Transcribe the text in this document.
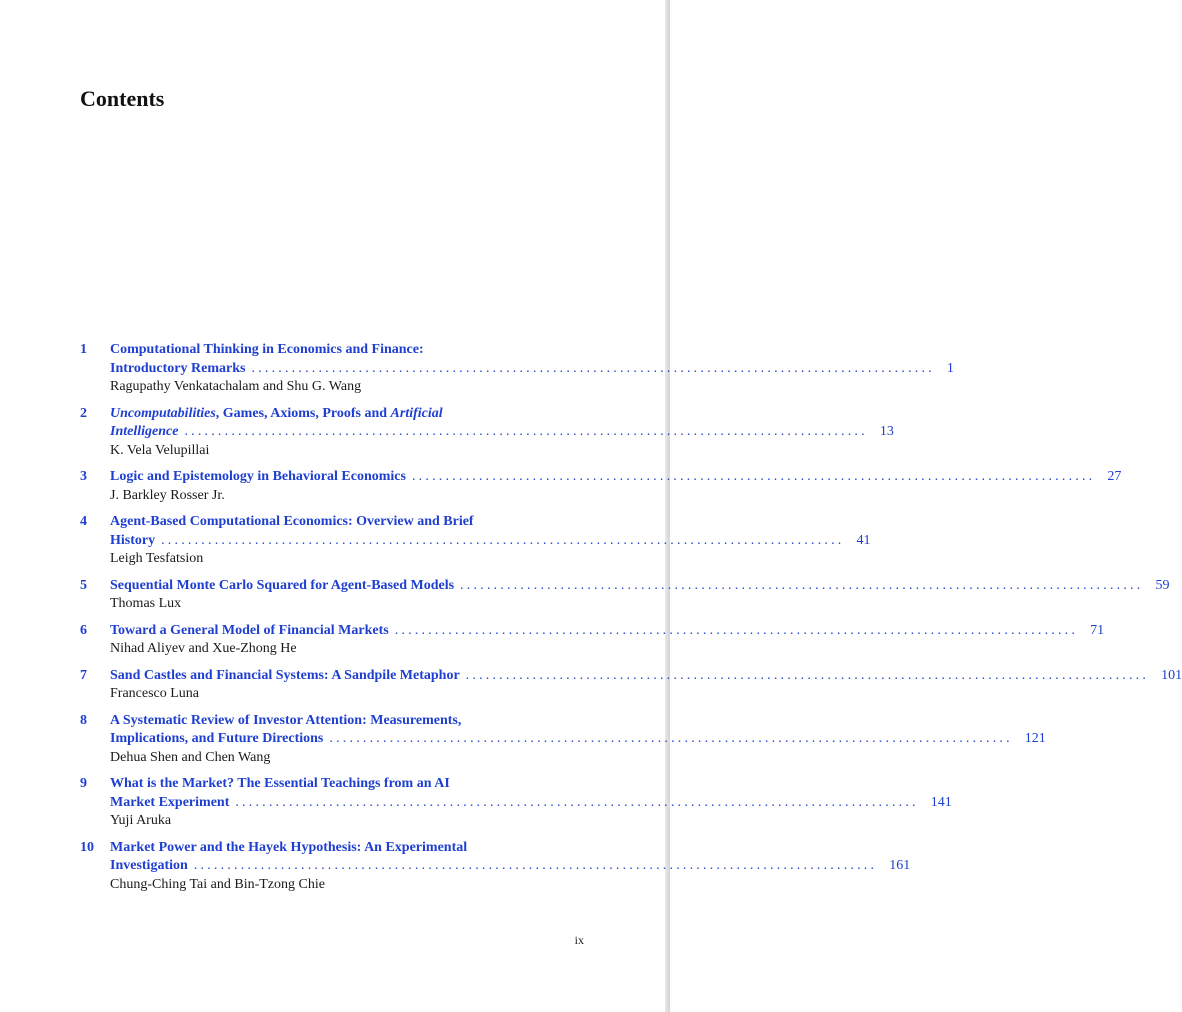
Contents
1 Computational Thinking in Economics and Finance:
Introductory Remarks ...................................................................................................... 1
Ragupathy Venkatachalam and Shu G. Wang
2 Uncomputabilities, Games, Axioms, Proofs and Artificial
Intelligence ...................................................................................................... 13
K. Vela Velupillai
3 Logic and Epistemology in Behavioral Economics ...................................................................................................... 27
J. Barkley Rosser Jr.
4 Agent-Based Computational Economics: Overview and Brief
History ...................................................................................................... 41
Leigh Tesfatsion
5 Sequential Monte Carlo Squared for Agent-Based Models ...................................................................................................... 59
Thomas Lux
6 Toward a General Model of Financial Markets ...................................................................................................... 71
Nihad Aliyev and Xue-Zhong He
7 Sand Castles and Financial Systems: A Sandpile Metaphor ...................................................................................................... 101
Francesco Luna
8 A Systematic Review of Investor Attention: Measurements,
Implications, and Future Directions ...................................................................................................... 121
Dehua Shen and Chen Wang
9 What is the Market? The Essential Teachings from an AI
Market Experiment ...................................................................................................... 141
Yuji Aruka
10 Market Power and the Hayek Hypothesis: An Experimental
Investigation ...................................................................................................... 161
Chung-Ching Tai and Bin-Tzong Chie
ix
